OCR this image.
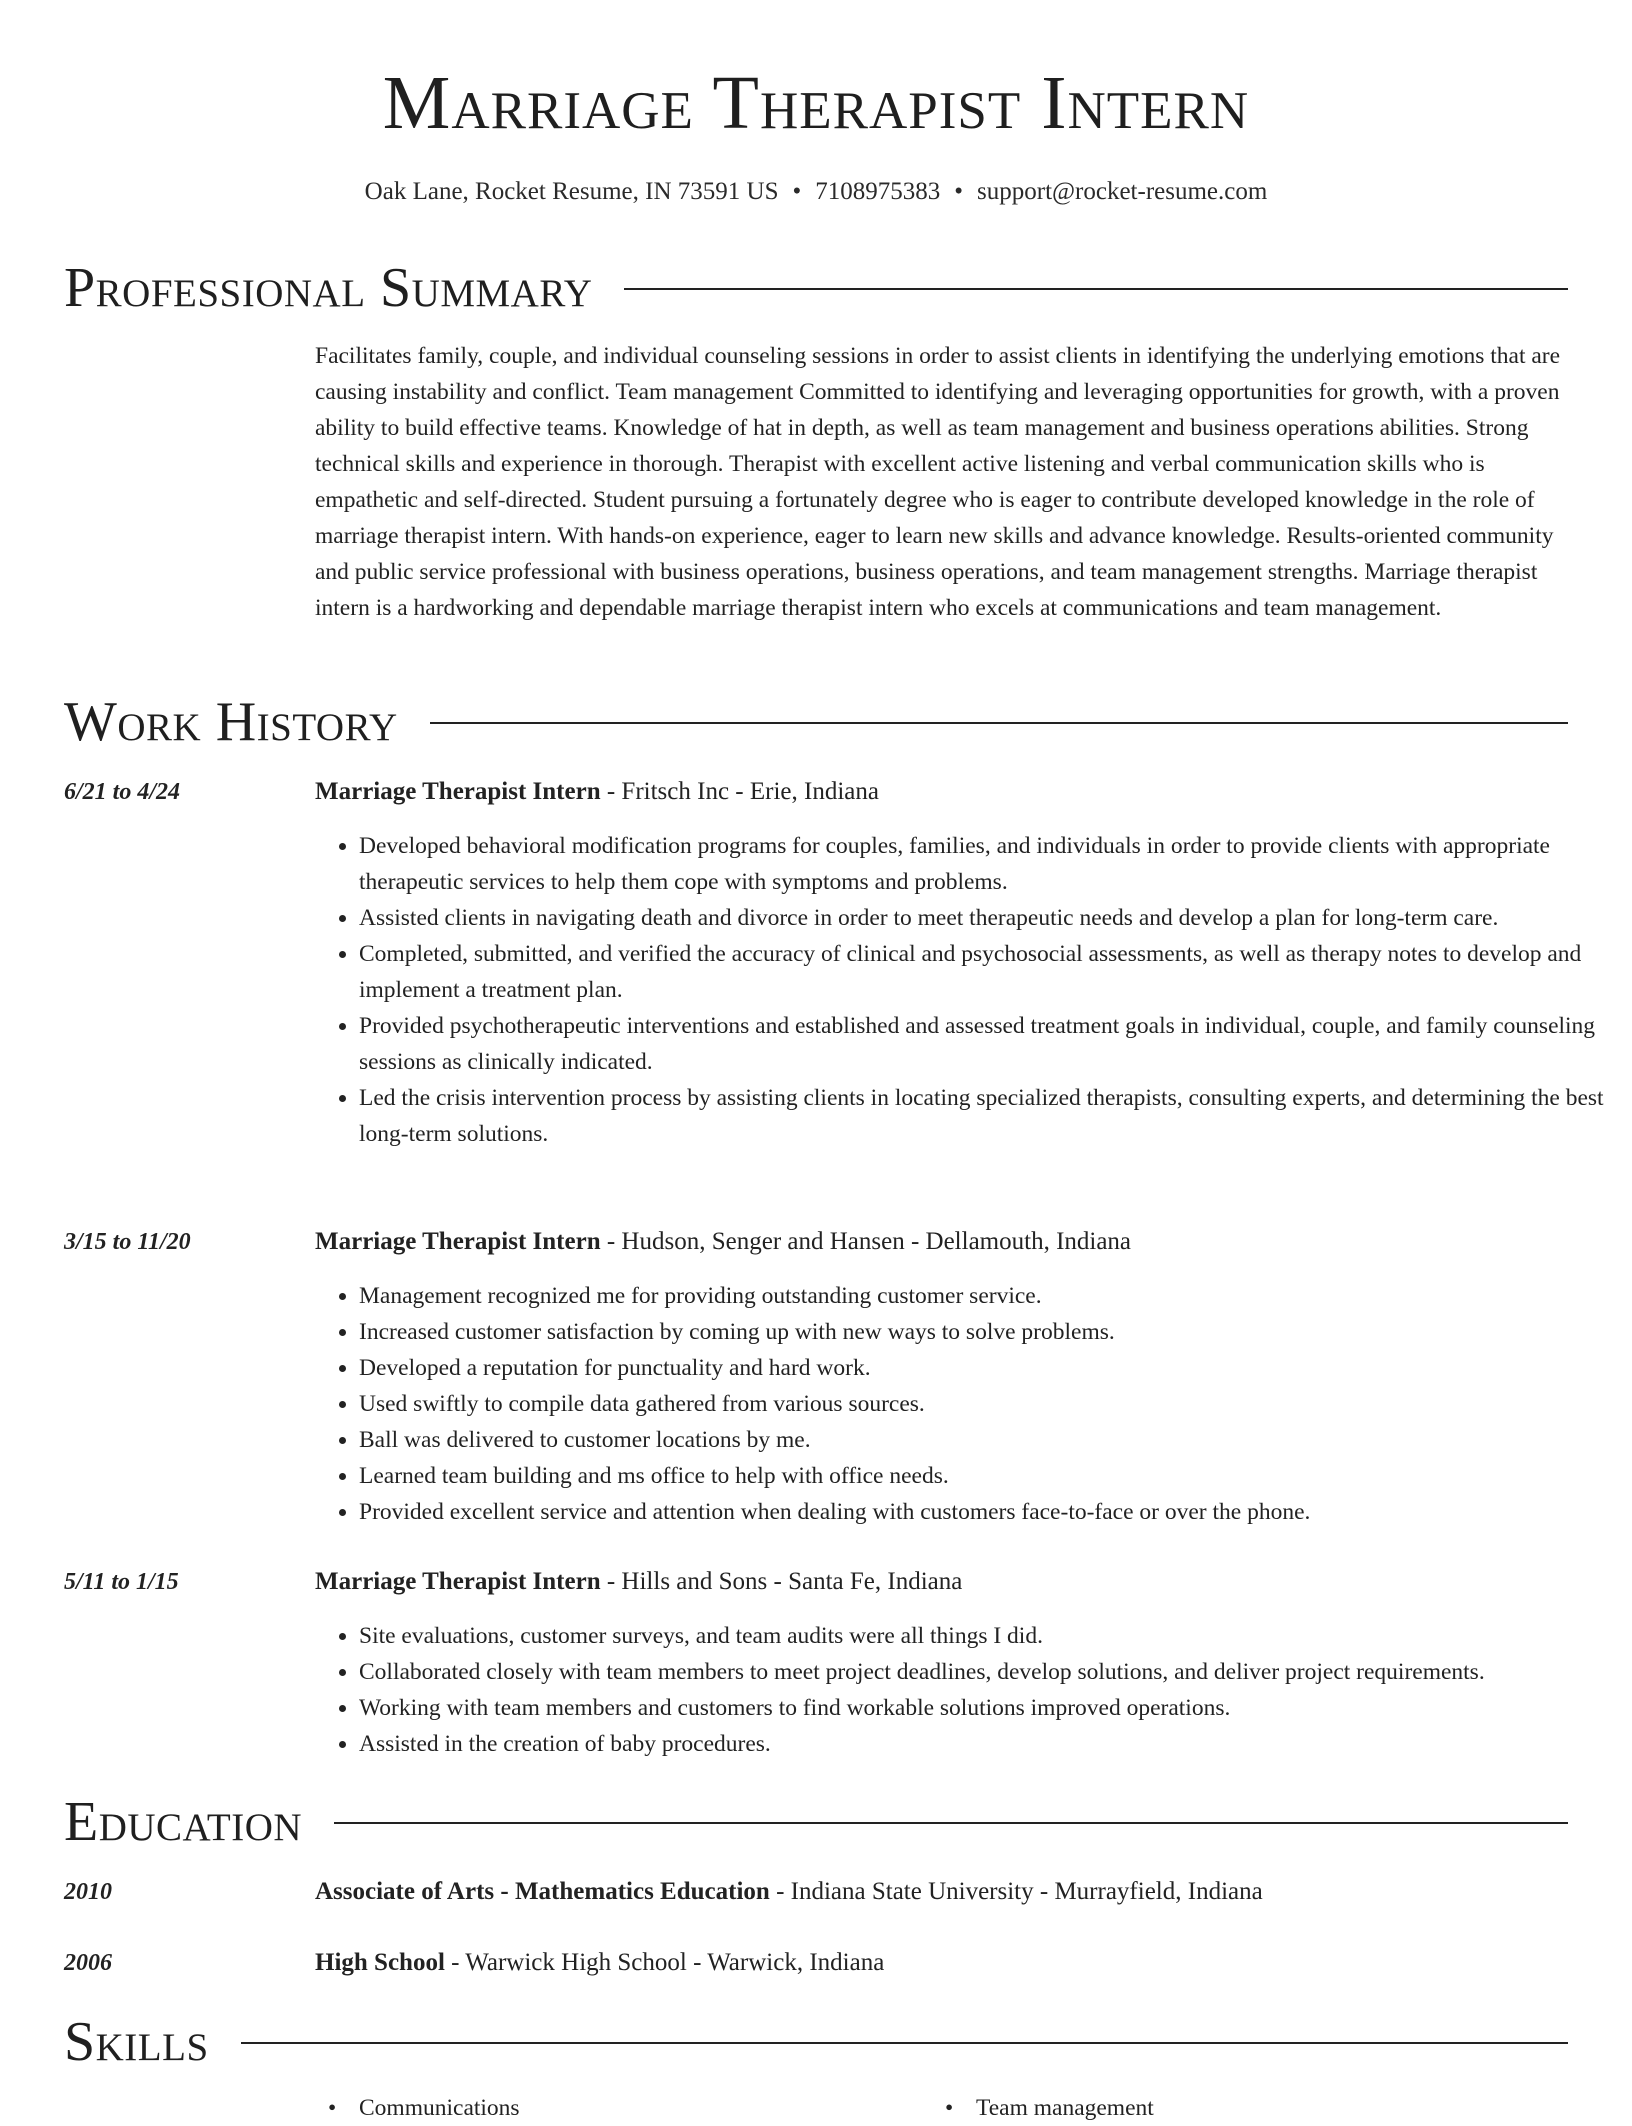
Marriage Therapist Intern
Oak Lane, Rocket Resume, IN 73591 US • 7108975383 • support@rocket-resume.com
Professional Summary

Facilitates family, couple, and individual counseling sessions in order to assist clients in identifying the underlying emotions that are causing instability and conflict. Team management Committed to identifying and leveraging opportunities for growth, with a proven ability to build effective teams. Knowledge of hat in depth, as well as team management and business operations abilities. Strong technical skills and experience in thorough. Therapist with excellent active listening and verbal communication skills who is empathetic and self-directed. Student pursuing a fortunately degree who is eager to contribute developed knowledge in the role of marriage therapist intern. With hands-on experience, eager to learn new skills and advance knowledge. Results-oriented community and public service professional with business operations, business operations, and team management strengths. Marriage therapist intern is a hardworking and dependable marriage therapist intern who excels at communications and team management.

Work History
6/21 to 4/24	Marriage Therapist Intern - Fritsch Inc - Erie, Indiana
• Developed behavioral modification programs for couples, families, and individuals in order to provide clients with appropriate therapeutic services to help them cope with symptoms and problems.
• Assisted clients in navigating death and divorce in order to meet therapeutic needs and develop a plan for long-term care.
• Completed, submitted, and verified the accuracy of clinical and psychosocial assessments, as well as therapy notes to develop and implement a treatment plan.
• Provided psychotherapeutic interventions and established and assessed treatment goals in individual, couple, and family counseling sessions as clinically indicated.
• Led the crisis intervention process by assisting clients in locating specialized therapists, consulting experts, and determining the best long-term solutions.
3/15 to 11/20	Marriage Therapist Intern - Hudson, Senger and Hansen - Dellamouth, Indiana
• Management recognized me for providing outstanding customer service.
• Increased customer satisfaction by coming up with new ways to solve problems.
• Developed a reputation for punctuality and hard work.
• Used swiftly to compile data gathered from various sources.
• Ball was delivered to customer locations by me.
• Learned team building and ms office to help with office needs.
• Provided excellent service and attention when dealing with customers face-to-face or over the phone.
5/11 to 1/15	Marriage Therapist Intern - Hills and Sons - Santa Fe, Indiana
• Site evaluations, customer surveys, and team audits were all things I did.
• Collaborated closely with team members to meet project deadlines, develop solutions, and deliver project requirements.
• Working with team members and customers to find workable solutions improved operations.
• Assisted in the creation of baby procedures.
Education
2010	Associate of Arts - Mathematics Education - Indiana State University - Murrayfield, Indiana
2006	High School - Warwick High School - Warwick, Indiana
Skills
• Communications
•	Team management
